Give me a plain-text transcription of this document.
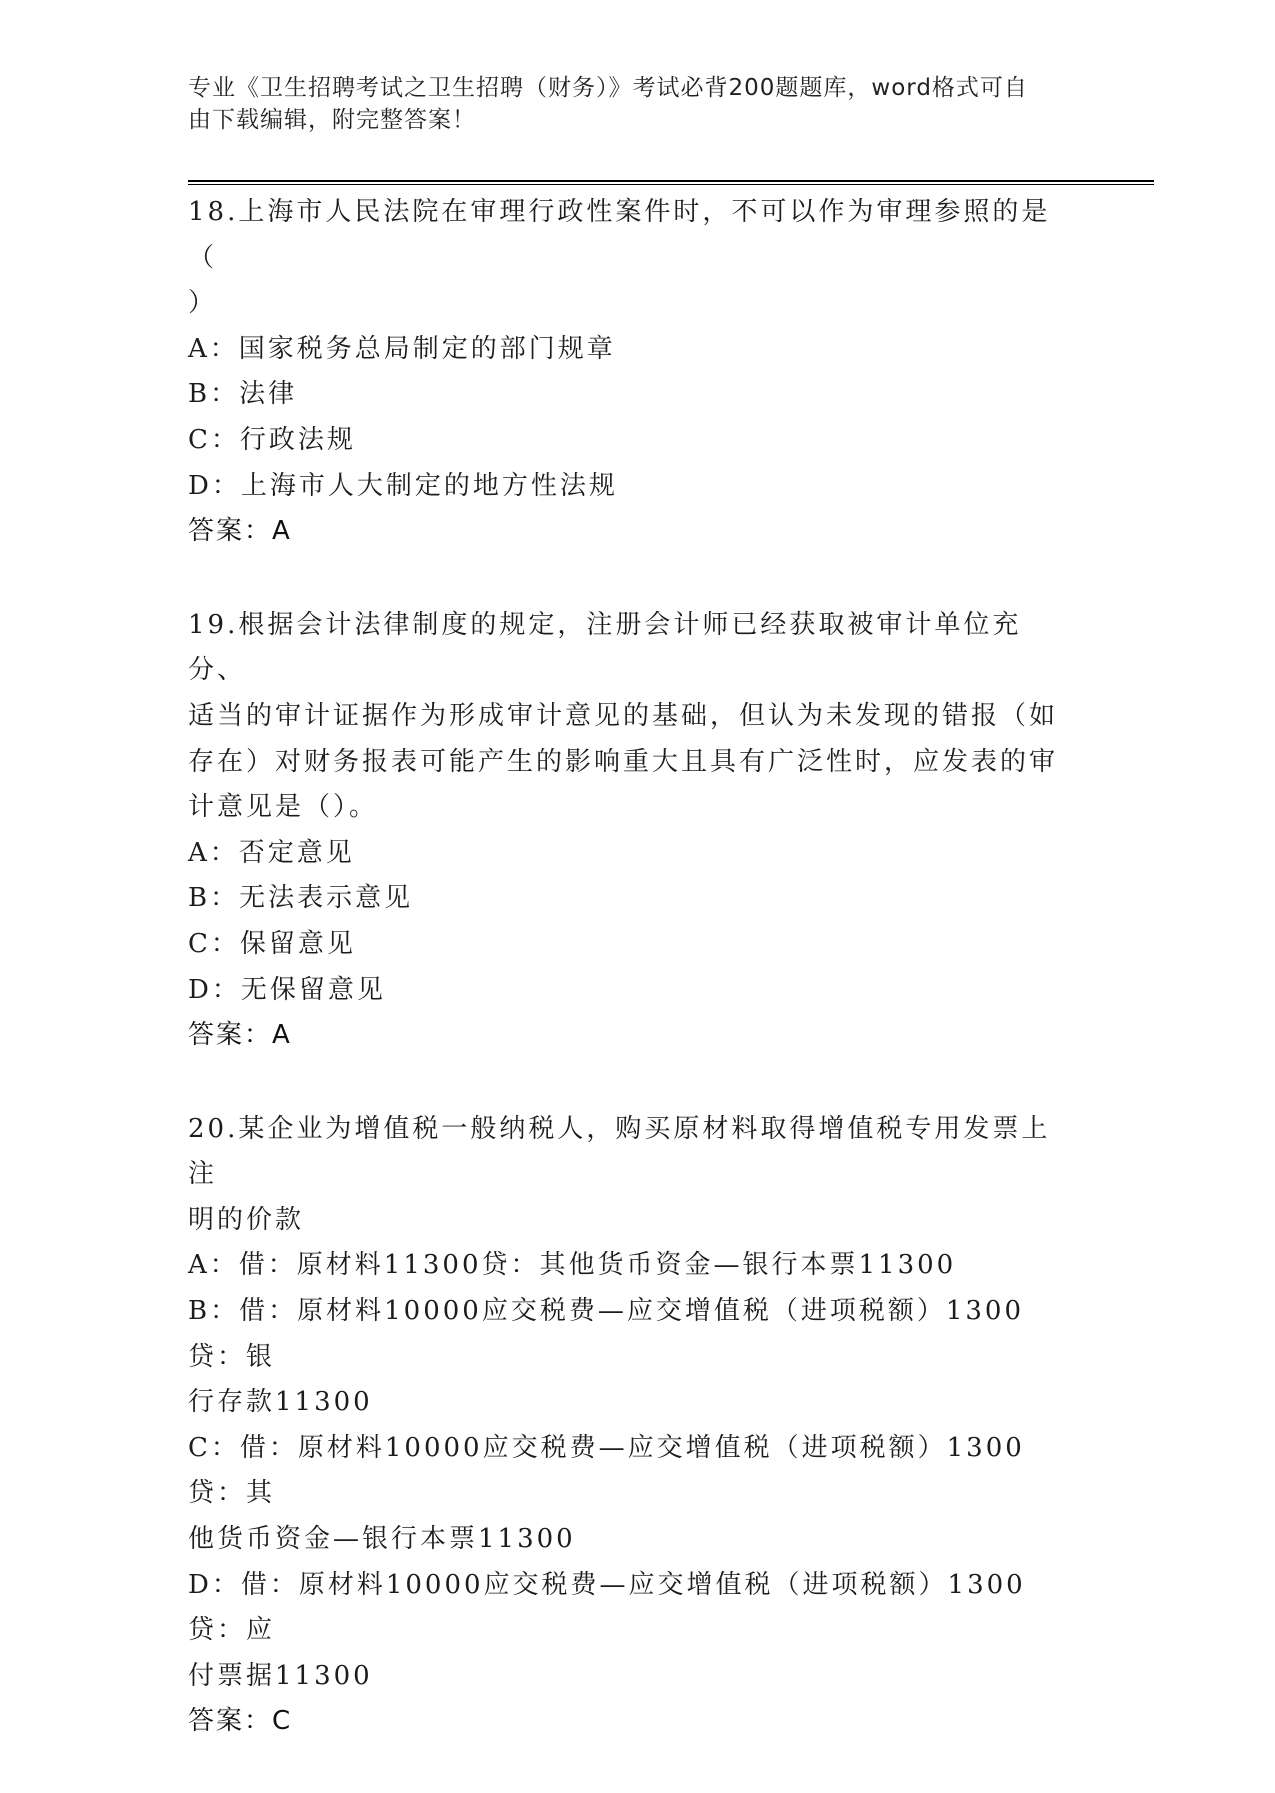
专业《卫生招聘考试之卫生招聘（财务）》考试必背200题题库，word格式可自
由下载编辑，附完整答案！
18.上海市人民法院在审理行政性案件时，不可以作为审理参照的是（
）
A：国家税务总局制定的部门规章
B：法律
C：行政法规
D：上海市人大制定的地方性法规
答案：A
19.根据会计法律制度的规定，注册会计师已经获取被审计单位充分、
适当的审计证据作为形成审计意见的基础，但认为未发现的错报（如
存在）对财务报表可能产生的影响重大且具有广泛性时，应发表的审
计意见是（）。
A：否定意见
B：无法表示意见
C：保留意见
D：无保留意见
答案：A
20.某企业为增值税一般纳税人，购买原材料取得增值税专用发票上注
明的价款
A：借：原材料11300贷：其他货币资金—银行本票11300
B：借：原材料10000应交税费—应交增值税（进项税额）1300贷：银
行存款11300
C：借：原材料10000应交税费—应交增值税（进项税额）1300贷：其
他货币资金—银行本票11300
D：借：原材料10000应交税费—应交增值税（进项税额）1300贷：应
付票据11300
答案：C
